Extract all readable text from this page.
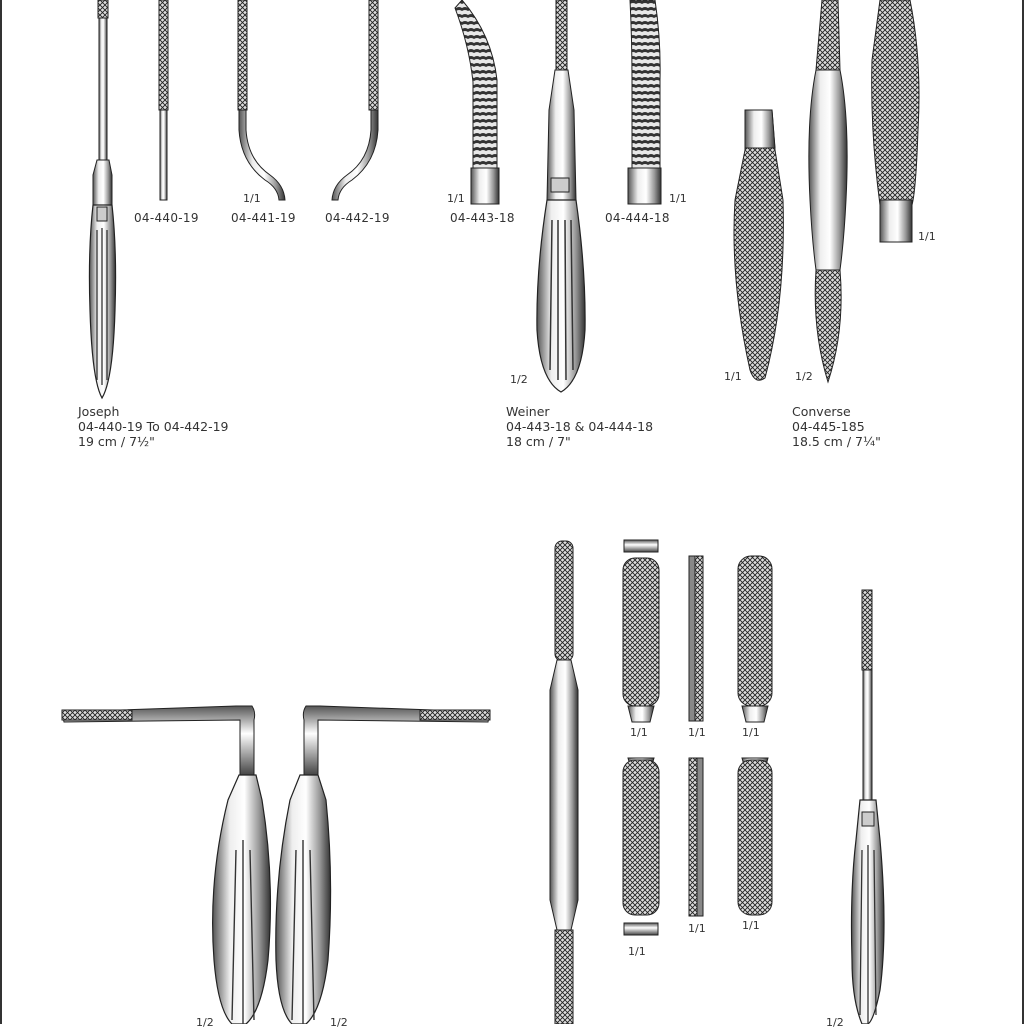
04-440-19	04-441-19 04-442-19
1/1
04-443-18	04-444-18
1/1	1/1
1/2	1/1	1/2
1/1
Joseph
04-440-19 To 04-442-19
19 cm / 7½"
Weiner
04-443-18 & 04-444-18
18 cm / 7"
Converse
04-445-185
18.5 cm / 7¼"
1/1	1/1	1/1
1/1
1/1	1/1
1/2	1/2	1/2
